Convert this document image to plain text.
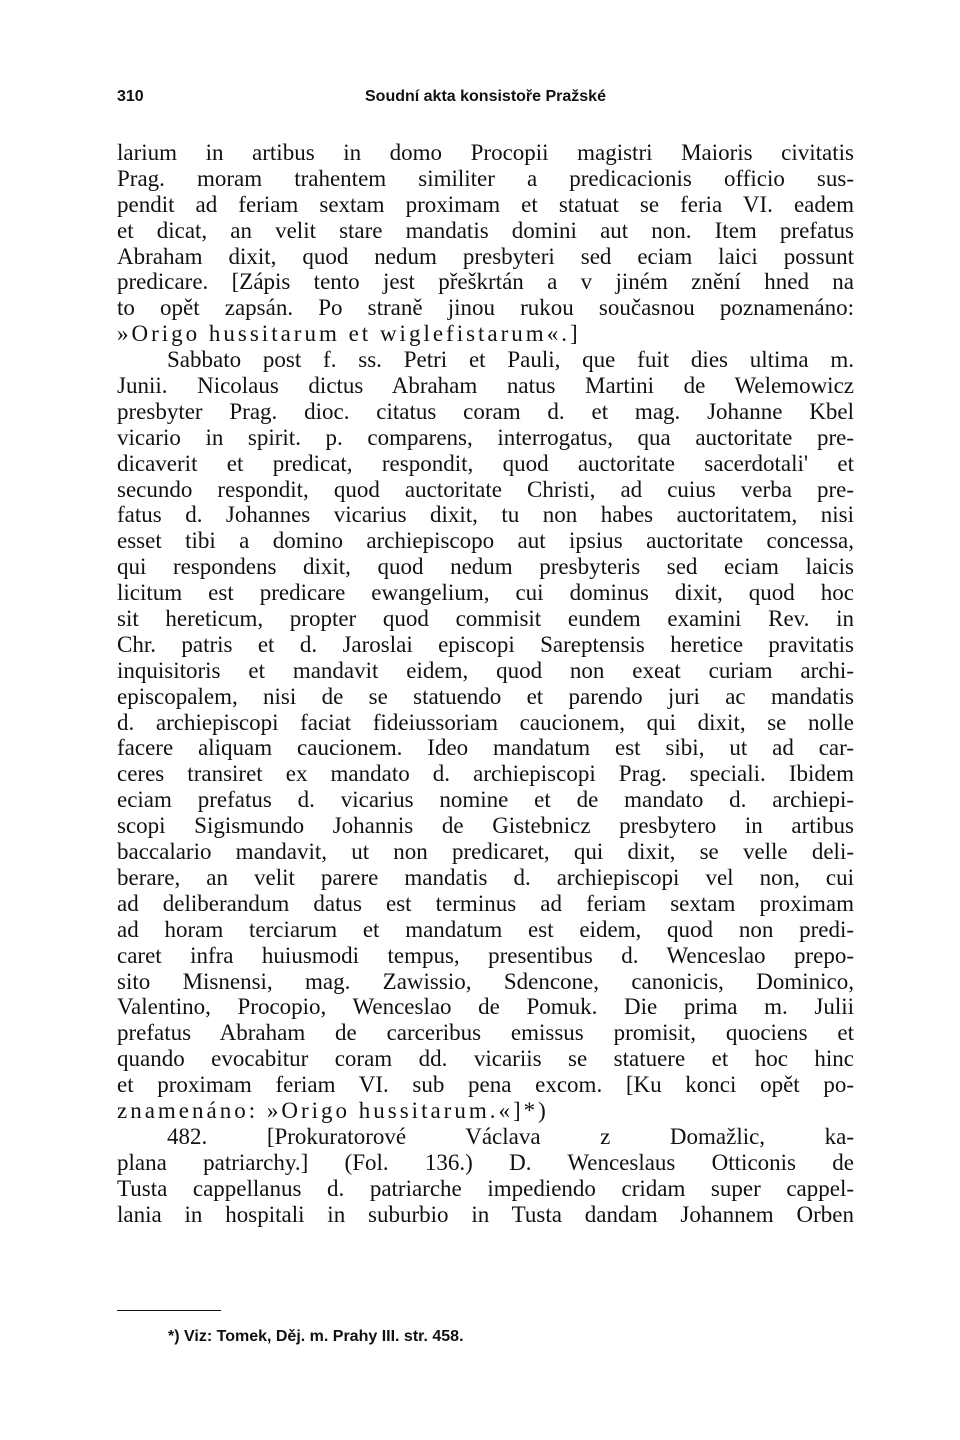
310	Soudní akta konsistoře Pražské
larium in artibus in domo Procopii magistri Maioris civitatis
Prag. moram trahentem similiter a predicacionis officio sus-
pendit ad feriam sextam proximam et statuat se feria VI. eadem
et dicat, an velit stare mandatis domini aut non. Item prefatus
Abraham dixit, quod nedum presbyteri sed eciam laici possunt
predicare. [Zápis tento jest přeškrtán a v jiném znění hned na
to opět zapsán. Po straně jinou rukou současnou poznamenáno:
»Origo hussitarum et wiglefistarum«.]
Sabbato post f. ss. Petri et Pauli, que fuit dies ultima m.
Junii. Nicolaus dictus Abraham natus Martini de Welemowicz
presbyter Prag. dioc. citatus coram d. et mag. Johanne Kbel
vicario in spirit. p. comparens, interrogatus, qua auctoritate pre-
dicaverit et predicat, respondit, quod auctoritate sacerdotali' et
secundo respondit, quod auctoritate Christi, ad cuius verba pre-
fatus d. Johannes vicarius dixit, tu non habes auctoritatem, nisi
esset tibi a domino archiepiscopo aut ipsius auctoritate concessa,
qui respondens dixit, quod nedum presbyteris sed eciam laicis
licitum est predicare ewangelium, cui dominus dixit, quod hoc
sit hereticum, propter quod commisit eundem examini Rev. in
Chr. patris et d. Jaroslai episcopi Sareptensis heretice pravitatis
inquisitoris et mandavit eidem, quod non exeat curiam archi-
episcopalem, nisi de se statuendo et parendo juri ac mandatis
d. archiepiscopi faciat fideiussoriam caucionem, qui dixit, se nolle
facere aliquam caucionem. Ideo mandatum est sibi, ut ad car-
ceres transiret ex mandato d. archiepiscopi Prag. speciali. Ibidem
eciam prefatus d. vicarius nomine et de mandato d. archiepi-
scopi Sigismundo Johannis de Gistebnicz presbytero in artibus
baccalario mandavit, ut non predicaret, qui dixit, se velle deli-
berare, an velit parere mandatis d. archiepiscopi vel non, cui
ad deliberandum datus est terminus ad feriam sextam proximam
ad horam terciarum et mandatum est eidem, quod non predi-
caret infra huiusmodi tempus, presentibus d. Wenceslao prepo-
sito Misnensi, mag. Zawissio, Sdencone, canonicis, Dominico,
Valentino, Procopio, Wenceslao de Pomuk. Die prima m. Julii
prefatus Abraham de carceribus emissus promisit, quociens et
quando evocabitur coram dd. vicariis se statuere et hoc hinc
et proximam feriam VI. sub pena excom. [Ku konci opět po-
znamenáno: »Origo hussitarum.«]*)
482. [Prokuratorové Václava z Domažlic, ka-
plana patriarchy.] (Fol. 136.) D. Wenceslaus Otticonis de
Tusta cappellanus d. patriarche impediendo cridam super cappel-
lania in hospitali in suburbio in Tusta dandam Johannem Orben
*) Viz: Tomek, Děj. m. Prahy III. str. 458.
